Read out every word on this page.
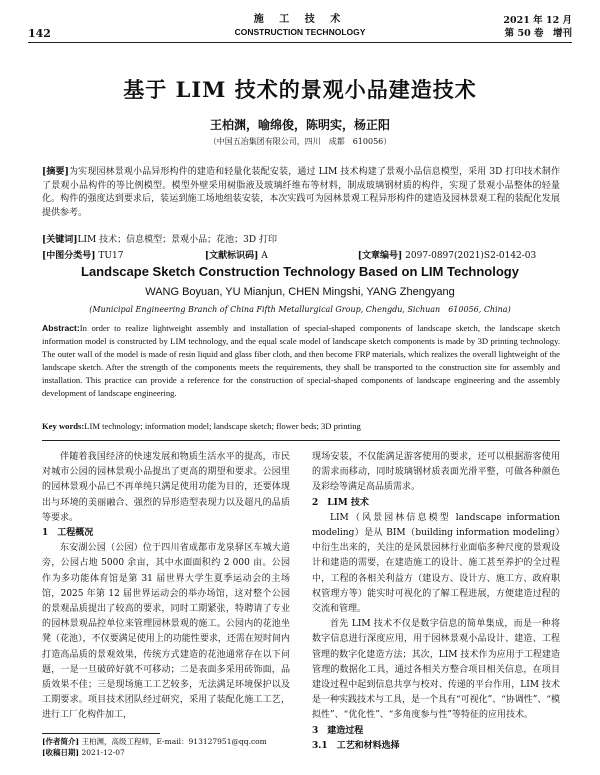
142
施 工 技 术
CONSTRUCTION TECHNOLOGY
2021 年 12 月
第 50 卷　增刊
基于 LIM 技术的景观小品建造技术
王柏渊，喻绵俊，陈明实，杨正阳
（中国五冶集团有限公司，四川　成都　610056）
[摘要]为实现园林景观小品异形构件的建造和轻量化装配安装，通过 LIM 技术构建了景观小品信息模型，采用 3D 打印技术制作了景观小品构件的等比例模型。模型外壁采用树脂液及玻璃纤维布等材料，制成玻璃钢材质的构件，实现了景观小品整体的轻量化。构件的强度达到要求后，装运到施工场地组装安装，本次实践可为园林景观工程异形构件的建造及园林景观工程的装配化发展提供参考。
[关键词]LIM 技术；信息模型；景观小品；花池；3D 打印
[中图分类号] TU17	[文献标识码] A	[文章编号] 2097-0897(2021)S2-0142-03
Landscape Sketch Construction Technology Based on LIM Technology
WANG Boyuan, YU Mianjun, CHEN Mingshi, YANG Zhengyang
(Municipal Engineering Branch of China Fifth Metallurgical Group, Chengdu, Sichuan　610056, China)
Abstract:In order to realize lightweight assembly and installation of special-shaped components of landscape sketch, the landscape sketch information model is constructed by LIM technology, and the equal scale model of landscape sketch components is made by 3D printing technology. The outer wall of the model is made of resin liquid and glass fiber cloth, and then become FRP materials, which realizes the overall lightweight of the landscape sketch. After the strength of the components meets the requirements, they shall be transported to the construction site for assembly and installation. This practice can provide a reference for the construction of special-shaped components of landscape engineering and the assembly development of landscape engineering.
Key words:LIM technology; information model; landscape sketch; flower beds; 3D printing

伴随着我国经济的快速发展和物质生活水平的提高，市民对城市公园的园林景观小品提出了更高的期望和要求。公园里的园林景观小品已不再单纯只满足使用功能为目的，还要体现出与环境的美丽融合、强烈的异形造型表现力以及超凡的品质等要求。

1　工程概况

东安湖公园（公园）位于四川省成都市龙泉驿区车城大道旁，公园占地 5000 余亩，其中水面面积约 2 000 亩。公园作为多功能体育馆是第 31 届世界大学生夏季运动会的主场馆，2025 年第 12 届世界运动会的举办场馆，这对整个公园的景观品质提出了较高的要求，同时工期紧张，特聘请了专业的园林景观品控单位来管理园林景观的施工。公园内的花池坐凳（花池），不仅要满足使用上的功能性要求，还需在短时间内打造高品质的景观效果，传统方式建造的花池通常存在以下问题，一是一旦破碎好就不可移动；二是表面多采用砖饰面，品质效果不佳；三是现场施工工艺较多，无法满足环境保护以及工期要求。项目技术团队经过研究，采用了装配化施工工艺，进行工厂化构件加工，

现场安装，不仅能满足游客使用的要求，还可以根据游客使用的需求而移动，同时玻璃钢材质表面光滑平整，可做各种颜色及彩绘等满足高品质需求。

2　LIM 技术

LIM（风景园林信息模型 landscape information modeling）是从 BIM（building information modeling）中衍生出来的，关注的是风景园林行业面临多种尺度的景观设计和建造的需要，在建造施工的设计、施工甚至养护的全过程中，工程的各相关利益方（建设方、设计方、施工方、政府职权管理方等）能实时可视化的了解工程进展，方便建造过程的交流和管理。

首先 LIM 技术不仅是数字信息的简单集成，而是一种将数字信息进行深度应用，用于园林景观小品设计、建造、工程管理的数字化建造方法；其次，LIM 技术作为应用于工程建造管理的数据化工具，通过各相关方整合项目相关信息，在项目建设过程中起到信息共享与校对、传递的平台作用，LIM 技术是一种实践技术与工具，是一个具有“可视化”、“协调性”、“模拟性”、“优化性”、“多角度参与性”等特征的应用技术。

3　建造过程

3.1　工艺和材料选择

[作者简介] 王柏渊，高级工程师，E-mail：913127951@qq.com
[收稿日期] 2021-12-07
